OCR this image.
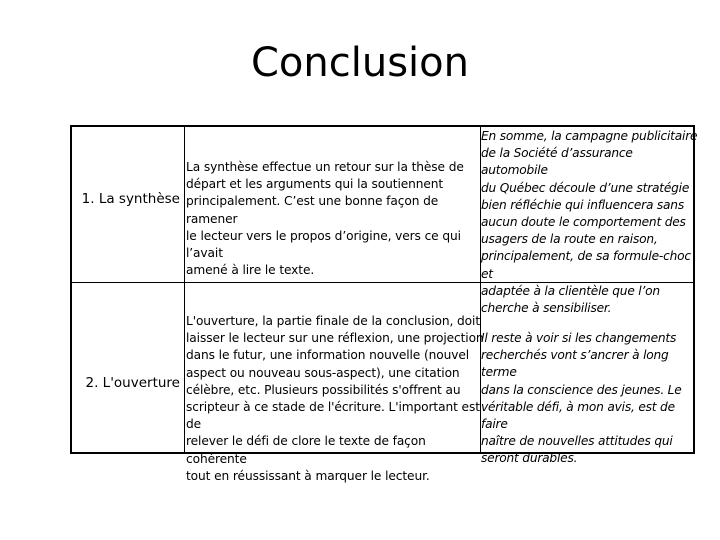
Conclusion
1. La synthèse
La synthèse effectue un retour sur la thèse de
départ et les arguments qui la soutiennent
principalement. C’est une bonne façon de ramener
le lecteur vers le propos d’origine, vers ce qui l’avait
amené à lire le texte.
En somme, la campagne publicitaire
de la Société d’assurance automobile
du Québec découle d’une stratégie
bien réfléchie qui influencera sans
aucun doute le comportement des
usagers de la route en raison,
principalement, de sa formule-choc et
adaptée à la clientèle que l’on
cherche à sensibiliser.
2. L'ouverture
L'ouverture, la partie finale de la conclusion, doit
laisser le lecteur sur une réflexion, une projection
dans le futur, une information nouvelle (nouvel
aspect ou nouveau sous-aspect), une citation
célèbre, etc. Plusieurs possibilités s'offrent au
scripteur à ce stade de l'écriture. L'important est de
relever le défi de clore le texte de façon cohérente
tout en réussissant à marquer le lecteur.
Il reste à voir si les changements
recherchés vont s’ancrer à long terme
dans la conscience des jeunes. Le
véritable défi, à mon avis, est de faire
naître de nouvelles attitudes qui
seront durables.
